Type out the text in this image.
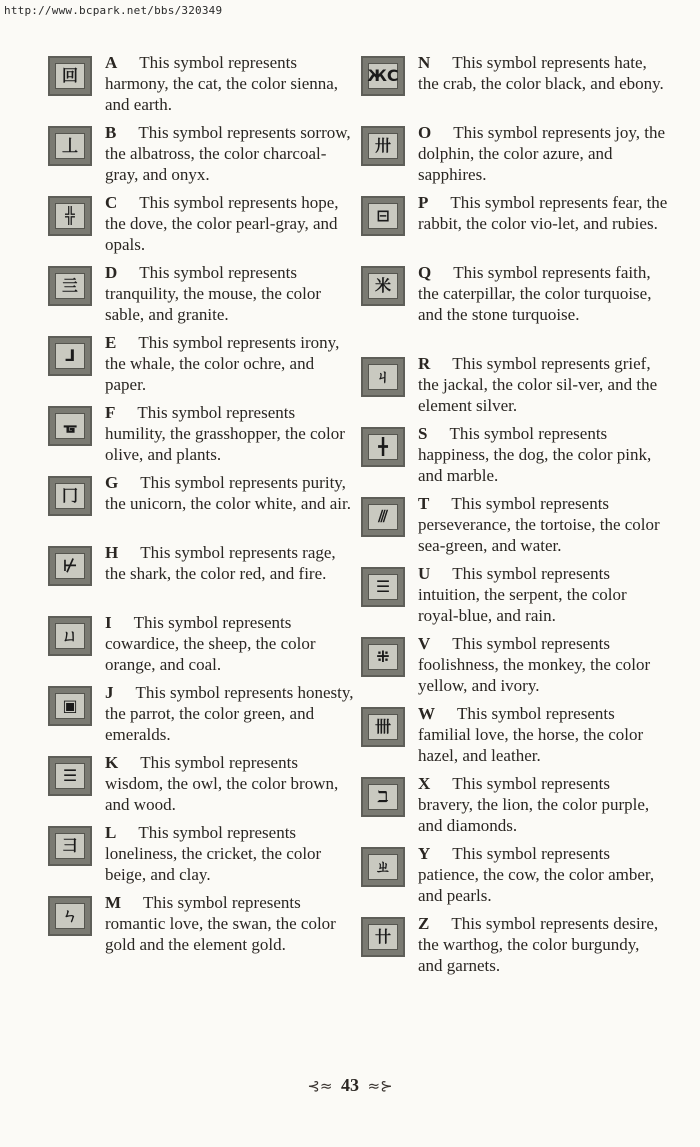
http://www.bcpark.net/bbs/320349
回
A This symbol represents harmony, the cat, the color sienna, and earth.
丄
B This symbol represents sorrow, the albatross, the color charcoal-gray, and onyx.
╬
C This symbol represents hope, the dove, the color pearl-gray, and opals.
亖
D This symbol represents tranquility, the mouse, the color sable, and granite.
⅃
E This symbol represents irony, the whale, the color ochre, and paper.
ᚗ
F This symbol represents humility, the grasshopper, the color olive, and plants.
冂
G This symbol represents purity, the unicorn, the color white, and air.
⊬
H This symbol represents rage, the shark, the color red, and fire.
ㄩ
I This symbol represents cowardice, the sheep, the color orange, and coal.
▣
J This symbol represents honesty, the parrot, the color green, and emeralds.
☰
K This symbol represents wisdom, the owl, the color brown, and wood.
彐
L This symbol represents loneliness, the cricket, the color beige, and clay.
ㄣ
M This symbol represents romantic love, the swan, the color gold and the element gold.
ЖC
N This symbol represents hate, the crab, the color black, and ebony.
卅
O This symbol represents joy, the dolphin, the color azure, and sapphires.
⊟
P This symbol represents fear, the rabbit, the color vio-let, and rubies.
米
Q This symbol represents faith, the caterpillar, the color turquoise, and the stone turquoise.
ㄐ
R This symbol represents grief, the jackal, the color sil-ver, and the element silver.
╋
S This symbol represents happiness, the dog, the color pink, and marble.
⫻
T This symbol represents perseverance, the tortoise, the color sea-green, and water.
☰
U This symbol represents intuition, the serpent, the color royal-blue, and rain.
⁜
V This symbol represents foolishness, the monkey, the color yellow, and ivory.
卌
W This symbol represents familial love, the horse, the color hazel, and leather.
ℶ
X This symbol represents bravery, the lion, the color purple, and diamonds.
ㄓ
Y This symbol represents patience, the cow, the color amber, and pearls.
卄
Z This symbol represents desire, the warthog, the color burgundy, and garnets.
⊰≈ 43 ≈⊱
